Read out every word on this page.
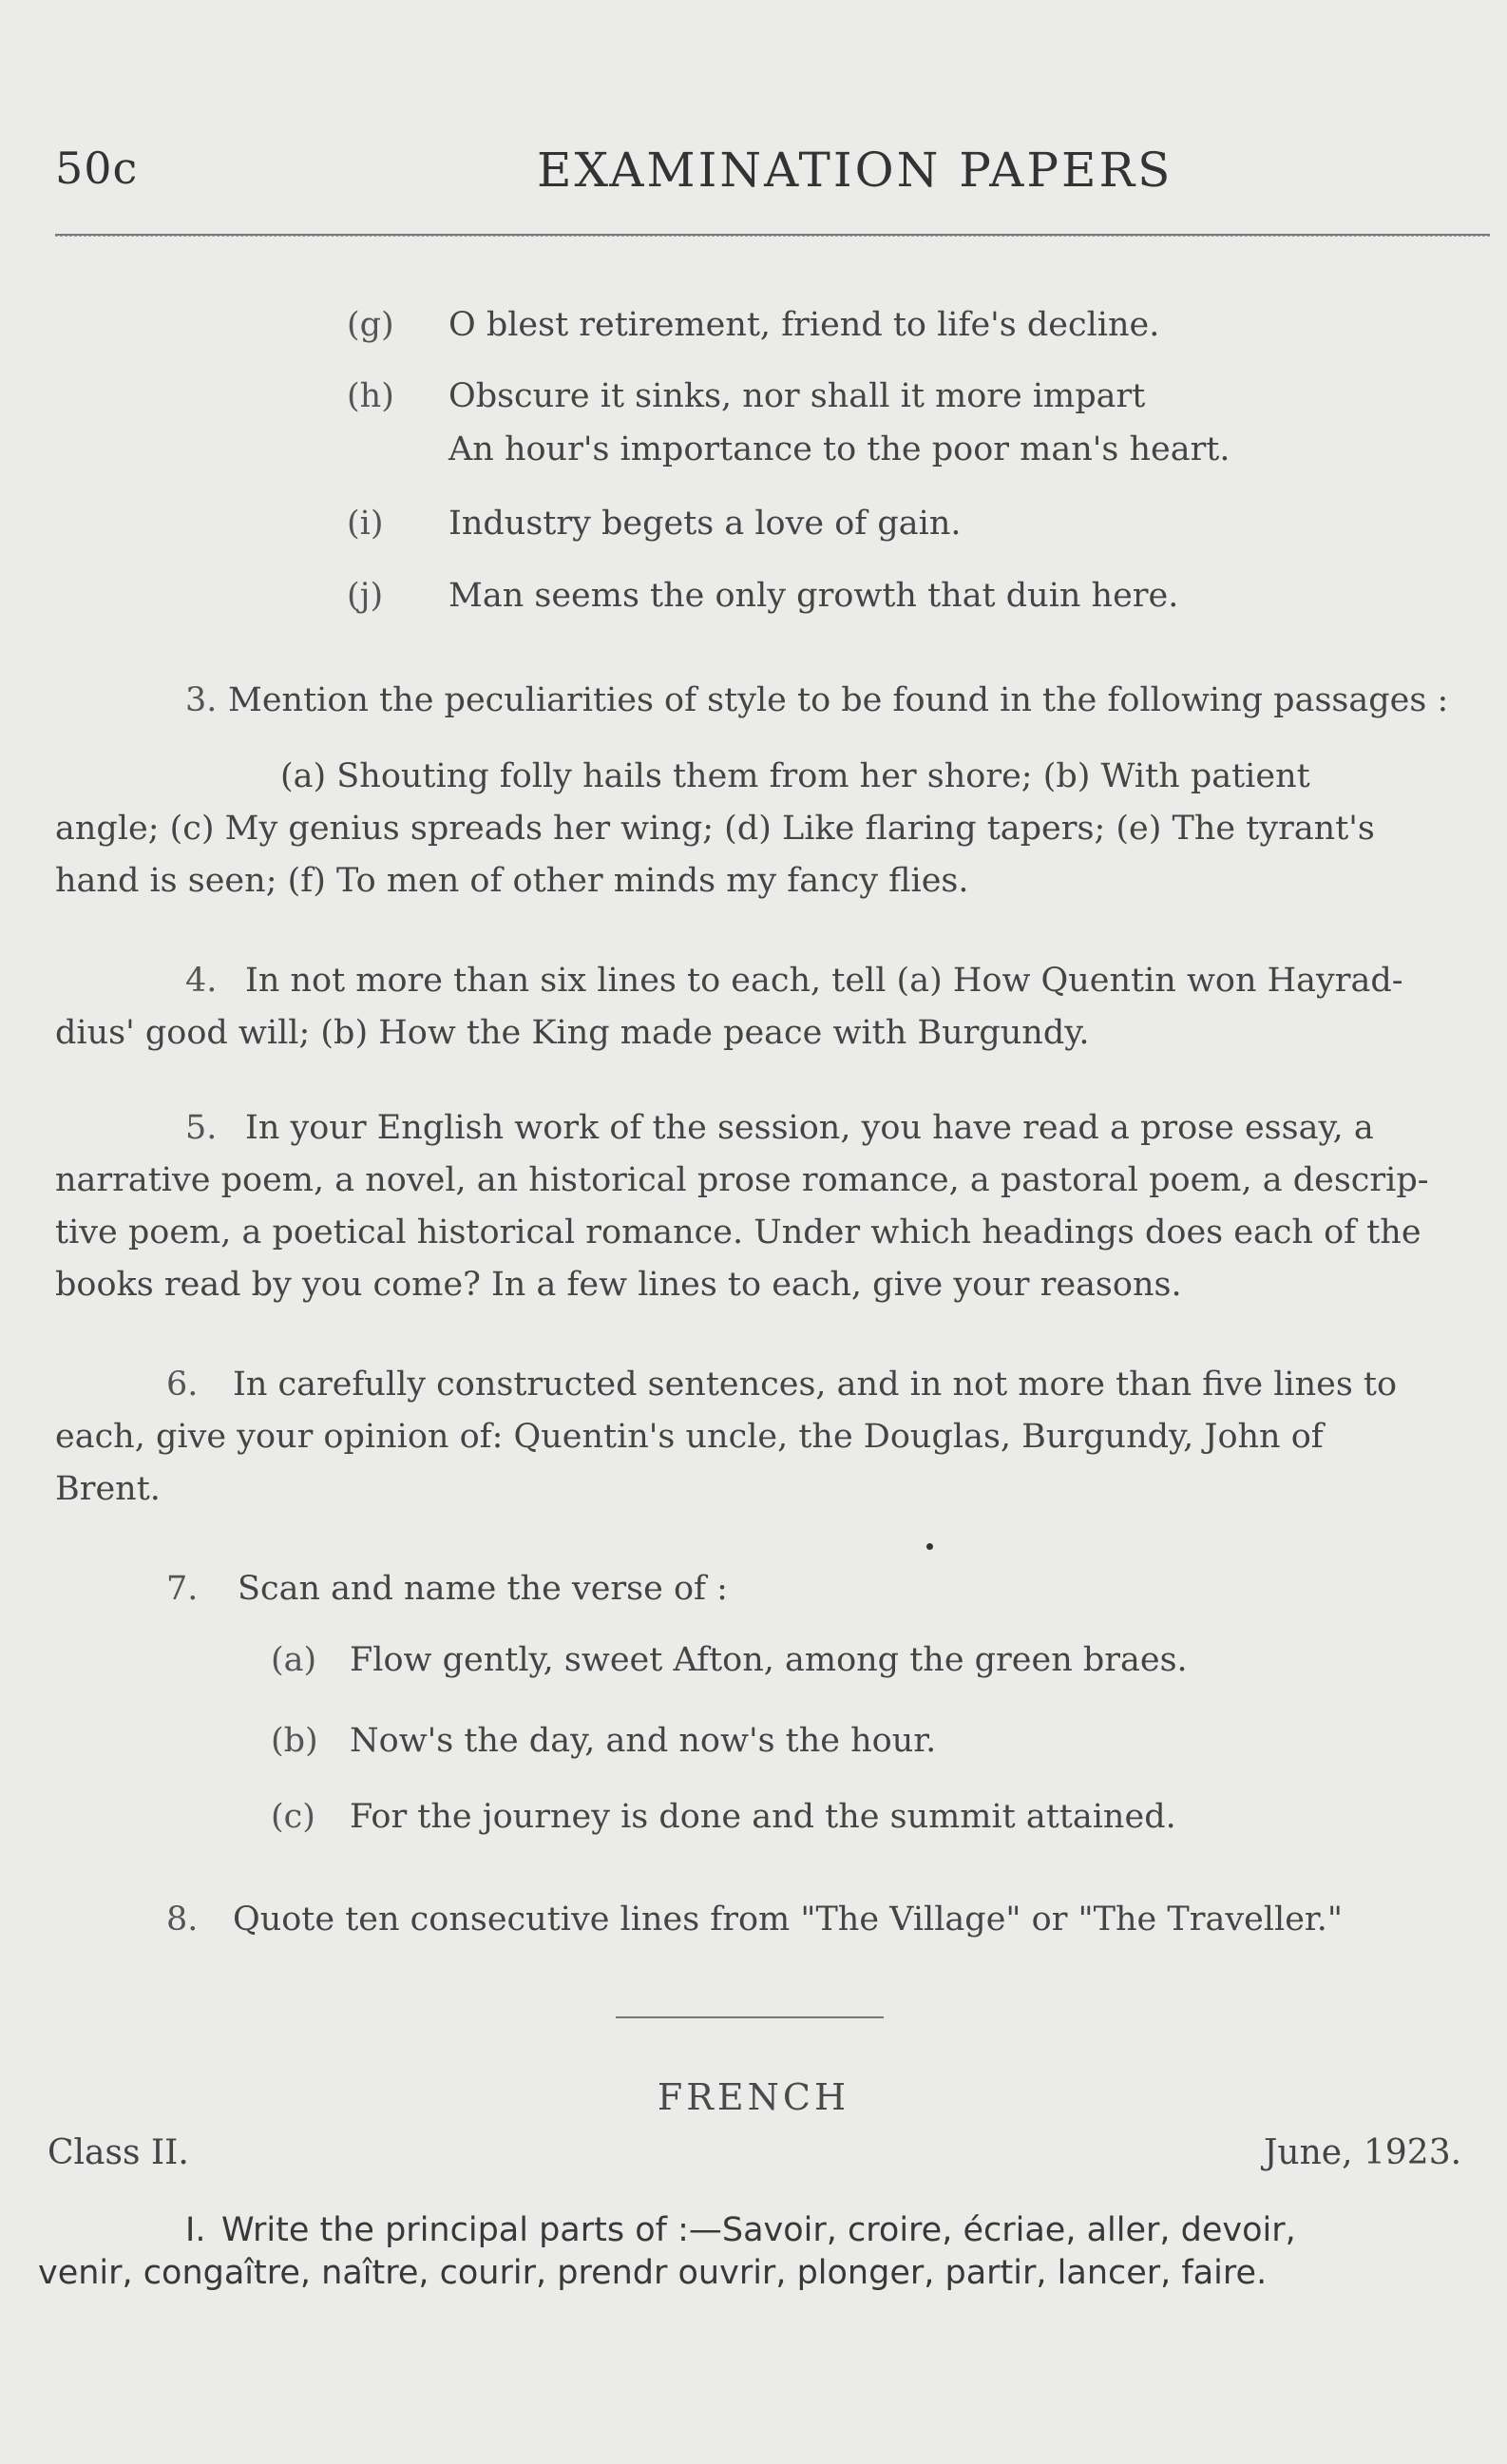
50c	EXAMINATION PAPERS
(g) O blest retirement, friend to life's decline.
(h) Obscure it sinks, nor shall it more impart
An hour's importance to the poor man's heart.
(i) Industry begets a love of gain.
(j) Man seems the only growth that duin here.
3. Mention the peculiarities of style to be found in the following passages :
(a) Shouting folly hails them from her shore; (b) With patient
angle; (c) My genius spreads her wing; (d) Like flaring tapers; (e) The tyrant's
hand is seen; (f) To men of other minds my fancy flies.
4. In not more than six lines to each, tell (a) How Quentin won Hayrad-
dius' good will; (b) How the King made peace with Burgundy.
5. In your English work of the session, you have read a prose essay, a
narrative poem, a novel, an historical prose romance, a pastoral poem, a descrip-
tive poem, a poetical historical romance. Under which headings does each of the
books read by you come? In a few lines to each, give your reasons.
6. In carefully constructed sentences, and in not more than five lines to
each, give your opinion of: Quentin's uncle, the Douglas, Burgundy, John of
Brent.
7. Scan and name the verse of :
(a) Flow gently, sweet Afton, among the green braes.
(b) Now's the day, and now's the hour.
(c) For the journey is done and the summit attained.
8. Quote ten consecutive lines from "The Village" or "The Traveller."
FRENCH
Class II.	June, 1923.
I. Write the principal parts of :—Savoir, croire, écriae, aller, devoir,
venir, congaître, naître, courir, prendr ouvrir, plonger, partir, lancer, faire.
